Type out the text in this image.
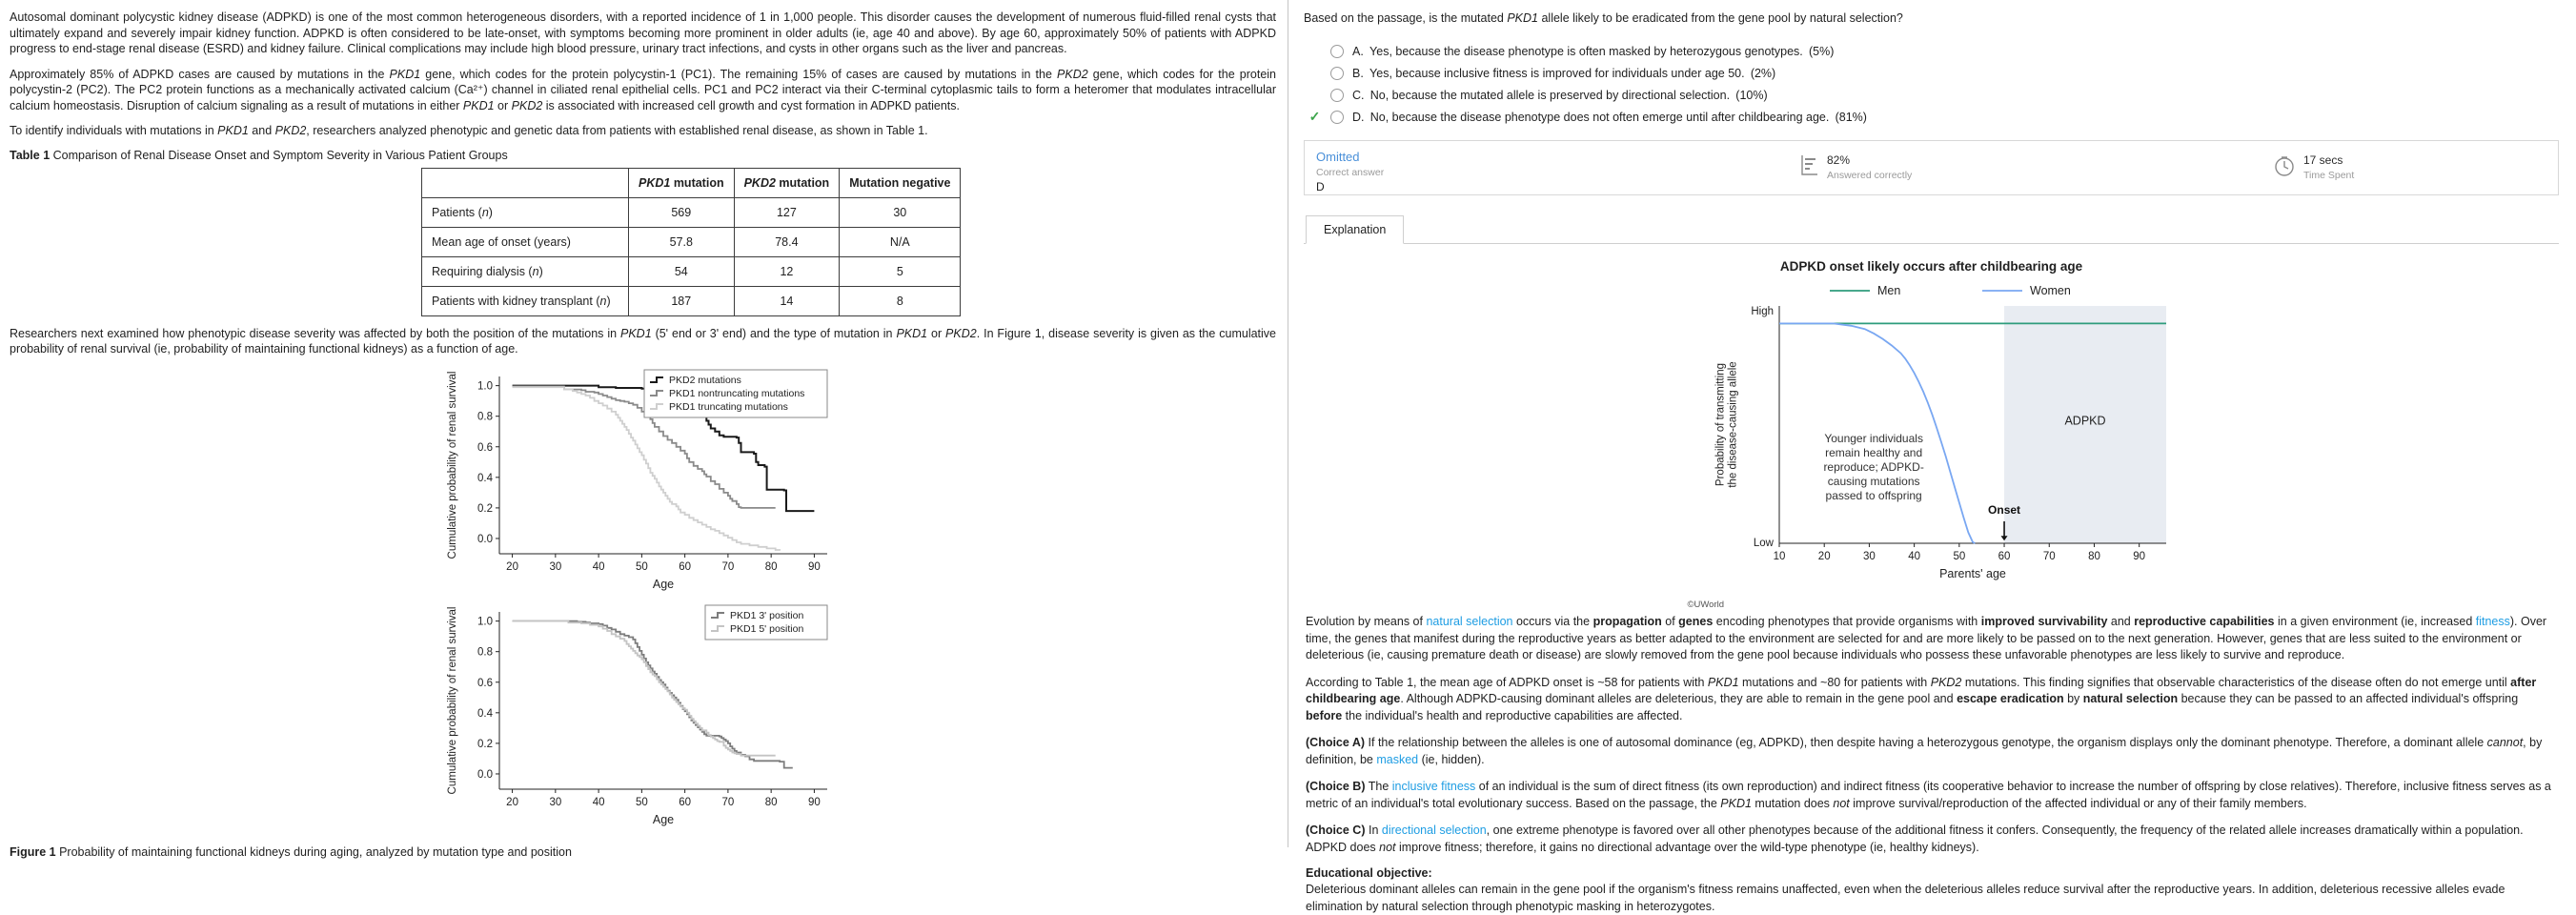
Autosomal dominant polycystic kidney disease (ADPKD) is one of the most common heterogeneous disorders, with a reported incidence of 1 in 1,000 people. This disorder causes the development of numerous fluid-filled renal cysts that ultimately expand and severely impair kidney function. ADPKD is often considered to be late-onset, with symptoms becoming more prominent in older adults (ie, age 40 and above). By age 60, approximately 50% of patients with ADPKD progress to end-stage renal disease (ESRD) and kidney failure. Clinical complications may include high blood pressure, urinary tract infections, and cysts in other organs such as the liver and pancreas.

Approximately 85% of ADPKD cases are caused by mutations in the PKD1 gene, which codes for the protein polycystin-1 (PC1). The remaining 15% of cases are caused by mutations in the PKD2 gene, which codes for the protein polycystin-2 (PC2). The PC2 protein functions as a mechanically activated calcium (Ca²⁺) channel in ciliated renal epithelial cells. PC1 and PC2 interact via their C-terminal cytoplasmic tails to form a heteromer that modulates intracellular calcium homeostasis. Disruption of calcium signaling as a result of mutations in either PKD1 or PKD2 is associated with increased cell growth and cyst formation in ADPKD patients.

To identify individuals with mutations in PKD1 and PKD2, researchers analyzed phenotypic and genetic data from patients with established renal disease, as shown in Table 1.

Table 1 Comparison of Renal Disease Onset and Symptom Severity in Various Patient Groups
	PKD1 mutation	PKD2 mutation	Mutation negative
Patients (n)	569	127	30
Mean age of onset (years)	57.8	78.4	N/A
Requiring dialysis (n)	54	12	5
Patients with kidney transplant (n)	187	14	8

Researchers next examined how phenotypic disease severity was affected by both the position of the mutations in PKD1 (5' end or 3' end) and the type of mutation in PKD1 or PKD2. In Figure 1, disease severity is given as the cumulative probability of renal survival (ie, probability of maintaining functional kidneys) as a function of age.

20	30	40	50	60	70	80	90
0.0
0.2
0.4
0.6
0.8
1.0
Cumulative probability of renal survival
Age
PKD2 mutations
PKD1 nontruncating mutations
PKD1 truncating mutations
20	30	40	50	60	70	80	90
0.0
0.2
0.4
0.6
0.8
1.0
Cumulative probability of renal survival
Age
PKD1 3' position
PKD1 5' position
Figure 1 Probability of maintaining functional kidneys during aging, analyzed by mutation type and position
Based on the passage, is the mutated PKD1 allele likely to be eradicated from the gene pool by natural selection?
A. Yes, because the disease phenotype is often masked by heterozygous genotypes. (5%)
B. Yes, because inclusive fitness is improved for individuals under age 50. (2%)
C. No, because the mutated allele is preserved by directional selection. (10%)
✓	D. No, because the disease phenotype does not often emerge until after childbearing age. (81%)
Omitted
Correct answer
D
82%
Answered correctly
17 secs
Time Spent
Explanation
ADPKD onset likely occurs after childbearing age
ADPKD
10	20	30	40	50	60	70	80	90
High
Low
Probability of transmittingthe disease-causing allele
Parents' age
Men	Women
Younger individuals
remain healthy and
reproduce; ADPKD-
causing mutations
passed to offspring
Onset
©UWorld

Evolution by means of natural selection occurs via the propagation of genes encoding phenotypes that provide organisms with improved survivability and reproductive capabilities in a given environment (ie, increased fitness). Over time, the genes that manifest during the reproductive years as better adapted to the environment are selected for and are more likely to be passed on to the next generation. However, genes that are less suited to the environment or deleterious (ie, causing premature death or disease) are slowly removed from the gene pool because individuals who possess these unfavorable phenotypes are less likely to survive and reproduce.

According to Table 1, the mean age of ADPKD onset is ~58 for patients with PKD1 mutations and ~80 for patients with PKD2 mutations. This finding signifies that observable characteristics of the disease often do not emerge until after childbearing age. Although ADPKD-causing dominant alleles are deleterious, they are able to remain in the gene pool and escape eradication by natural selection because they can be passed to an affected individual's offspring before the individual's health and reproductive capabilities are affected.

(Choice A) If the relationship between the alleles is one of autosomal dominance (eg, ADPKD), then despite having a heterozygous genotype, the organism displays only the dominant phenotype. Therefore, a dominant allele cannot, by definition, be masked (ie, hidden).

(Choice B) The inclusive fitness of an individual is the sum of direct fitness (its own reproduction) and indirect fitness (its cooperative behavior to increase the number of offspring by close relatives). Therefore, inclusive fitness serves as a metric of an individual's total evolutionary success. Based on the passage, the PKD1 mutation does not improve survival/reproduction of the affected individual or any of their family members.

(Choice C) In directional selection, one extreme phenotype is favored over all other phenotypes because of the additional fitness it confers. Consequently, the frequency of the related allele increases dramatically within a population. ADPKD does not improve fitness; therefore, it gains no directional advantage over the wild-type phenotype (ie, healthy kidneys).

Educational objective:

Deleterious dominant alleles can remain in the gene pool if the organism's fitness remains unaffected, even when the deleterious alleles reduce survival after the reproductive years. In addition, deleterious recessive alleles evade elimination by natural selection through phenotypic masking in heterozygotes.
